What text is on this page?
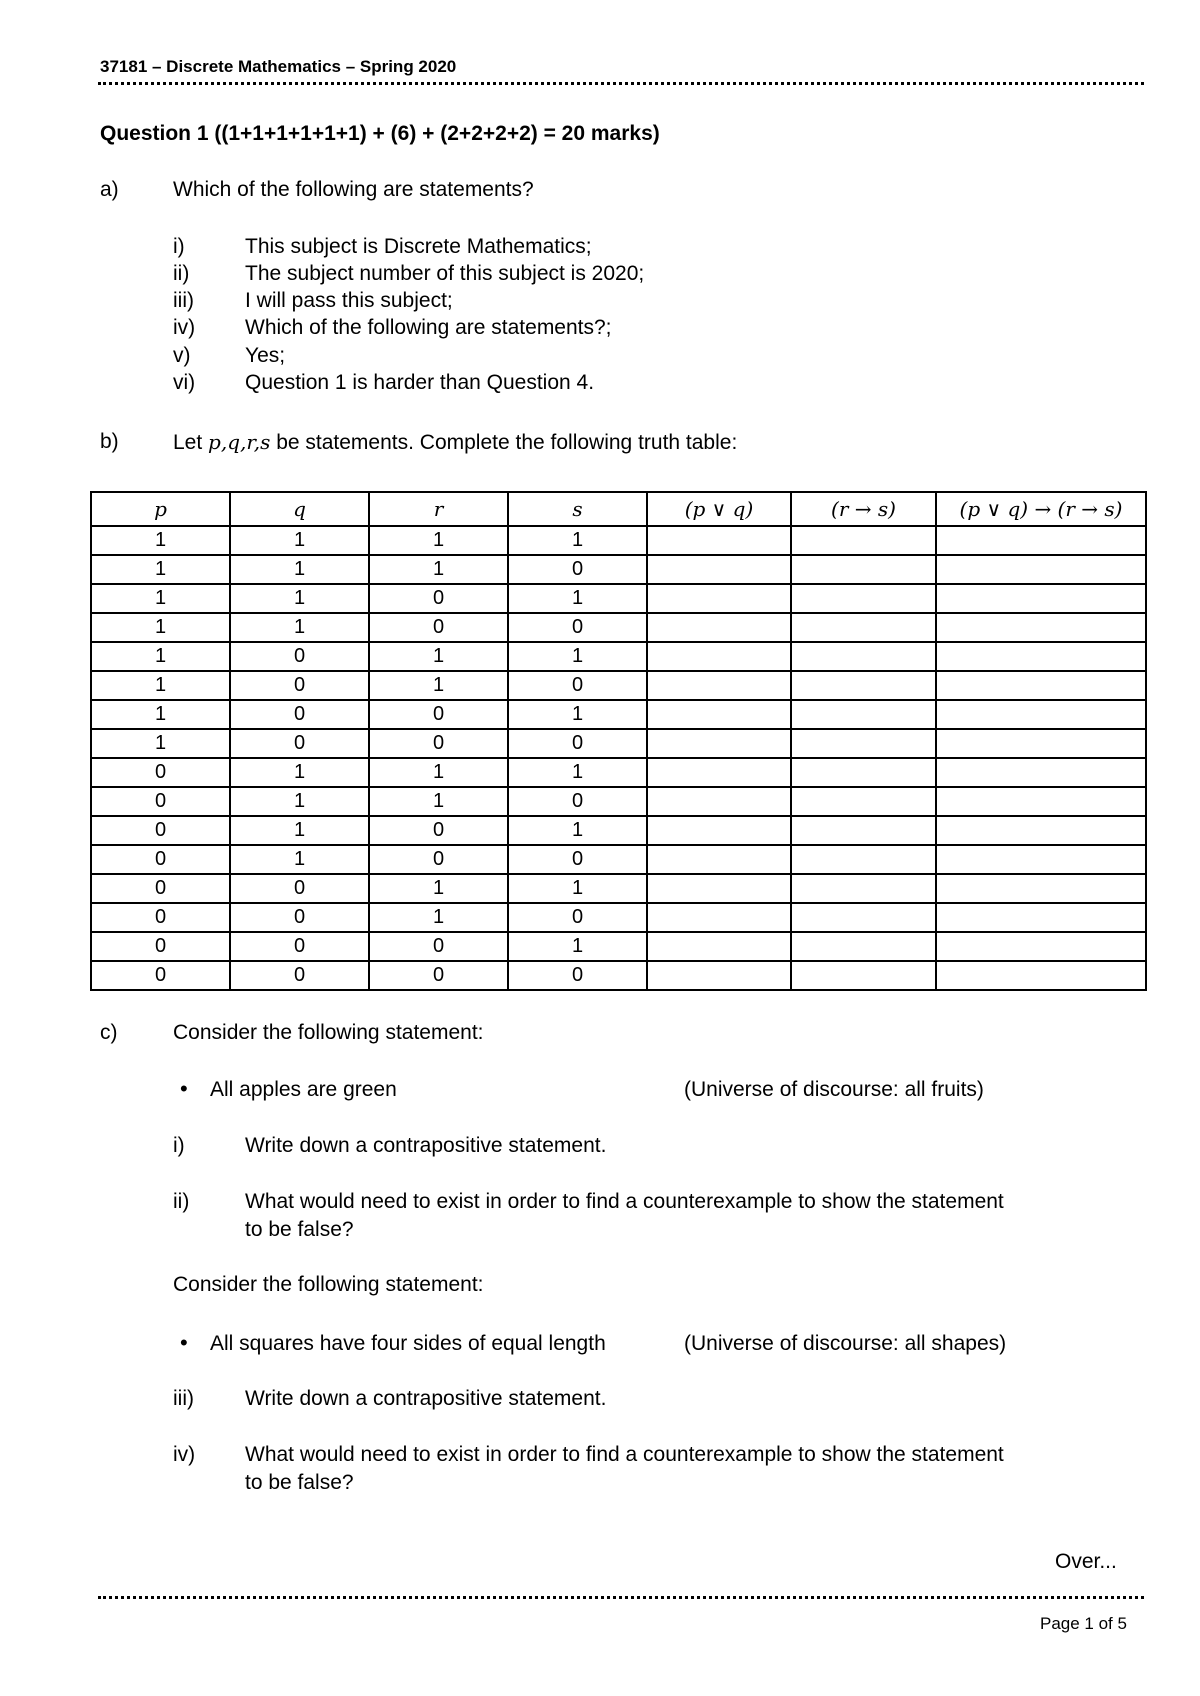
37181 – Discrete Mathematics – Spring 2020
Question 1 ((1+1+1+1+1+1) + (6) + (2+2+2+2) = 20 marks)
a)	Which of the following are statements?
i)	This subject is Discrete Mathematics;
ii)	The subject number of this subject is 2020;
iii) I will pass this subject;
iv) Which of the following are statements?;
v)	Yes;
vi) Question 1 is harder than Question 4.
b)	Let p,q,r,s be statements. Complete the following truth table:
p	q	r	s	(p ∨ q)	(r → s)	(p ∨ q) → (r → s)
1	1	1	1			
1	1	1	0			
1	1	0	1			
1	1	0	0			
1	0	1	1			
1	0	1	0			
1	0	0	1			
1	0	0	0			
0	1	1	1			
0	1	1	0			
0	1	0	1			
0	1	0	0			
0	0	1	1			
0	0	1	0			
0	0	0	1			
0	0	0	0			
c)	Consider the following statement:
• All apples are green	(Universe of discourse: all fruits)
i)	Write down a contrapositive statement.
ii)	What would need to exist in order to find a counterexample to show the statement
to be false?
Consider the following statement:
• All squares have four sides of equal length	(Universe of discourse: all shapes)
iii) Write down a contrapositive statement.
iv) What would need to exist in order to find a counterexample to show the statement
to be false?
Over...
Page 1 of 5
